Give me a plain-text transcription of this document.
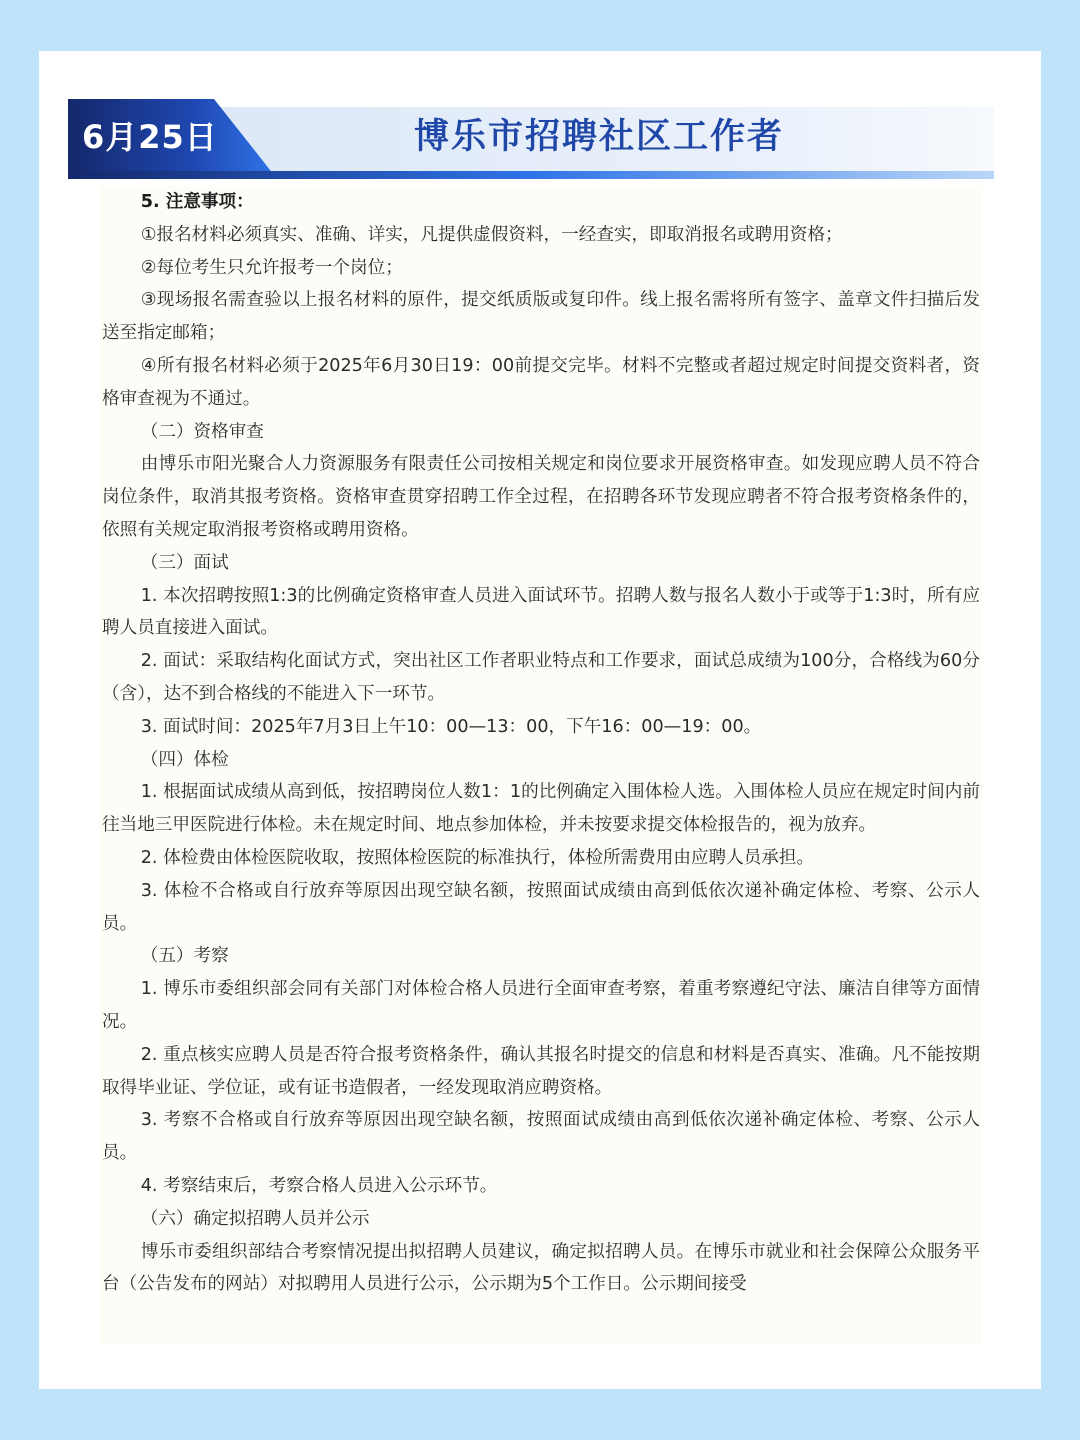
6月25日	博乐市招聘社区工作者

5. 注意事项：

①报名材料必须真实、准确、详实，凡提供虚假资料，一经查实，即取消报名或聘用资格；

②每位考生只允许报考一个岗位；

③现场报名需查验以上报名材料的原件，提交纸质版或复印件。线上报名需将所有签字、盖章文件扫描后发送至指定邮箱；

④所有报名材料必须于2025年6月30日19：00前提交完毕。材料不完整或者超过规定时间提交资料者，资格审查视为不通过。

（二）资格审查

由博乐市阳光聚合人力资源服务有限责任公司按相关规定和岗位要求开展资格审查。如发现应聘人员不符合岗位条件，取消其报考资格。资格审查贯穿招聘工作全过程，在招聘各环节发现应聘者不符合报考资格条件的，依照有关规定取消报考资格或聘用资格。

（三）面试

1. 本次招聘按照1:3的比例确定资格审查人员进入面试环节。招聘人数与报名人数小于或等于1:3时，所有应聘人员直接进入面试。

2. 面试：采取结构化面试方式，突出社区工作者职业特点和工作要求，面试总成绩为100分，合格线为60分（含），达不到合格线的不能进入下一环节。

3. 面试时间：2025年7月3日上午10：00—13：00，下午16：00—19：00。

（四）体检

1. 根据面试成绩从高到低，按招聘岗位人数1：1的比例确定入围体检人选。入围体检人员应在规定时间内前往当地三甲医院进行体检。未在规定时间、地点参加体检，并未按要求提交体检报告的，视为放弃。

2. 体检费由体检医院收取，按照体检医院的标准执行，体检所需费用由应聘人员承担。

3. 体检不合格或自行放弃等原因出现空缺名额，按照面试成绩由高到低依次递补确定体检、考察、公示人员。

（五）考察

1. 博乐市委组织部会同有关部门对体检合格人员进行全面审查考察，着重考察遵纪守法、廉洁自律等方面情况。

2. 重点核实应聘人员是否符合报考资格条件，确认其报名时提交的信息和材料是否真实、准确。凡不能按期取得毕业证、学位证，或有证书造假者，一经发现取消应聘资格。

3. 考察不合格或自行放弃等原因出现空缺名额，按照面试成绩由高到低依次递补确定体检、考察、公示人员。

4. 考察结束后，考察合格人员进入公示环节。

（六）确定拟招聘人员并公示

博乐市委组织部结合考察情况提出拟招聘人员建议，确定拟招聘人员。在博乐市就业和社会保障公众服务平台（公告发布的网站）对拟聘用人员进行公示，公示期为5个工作日。公示期间接受
